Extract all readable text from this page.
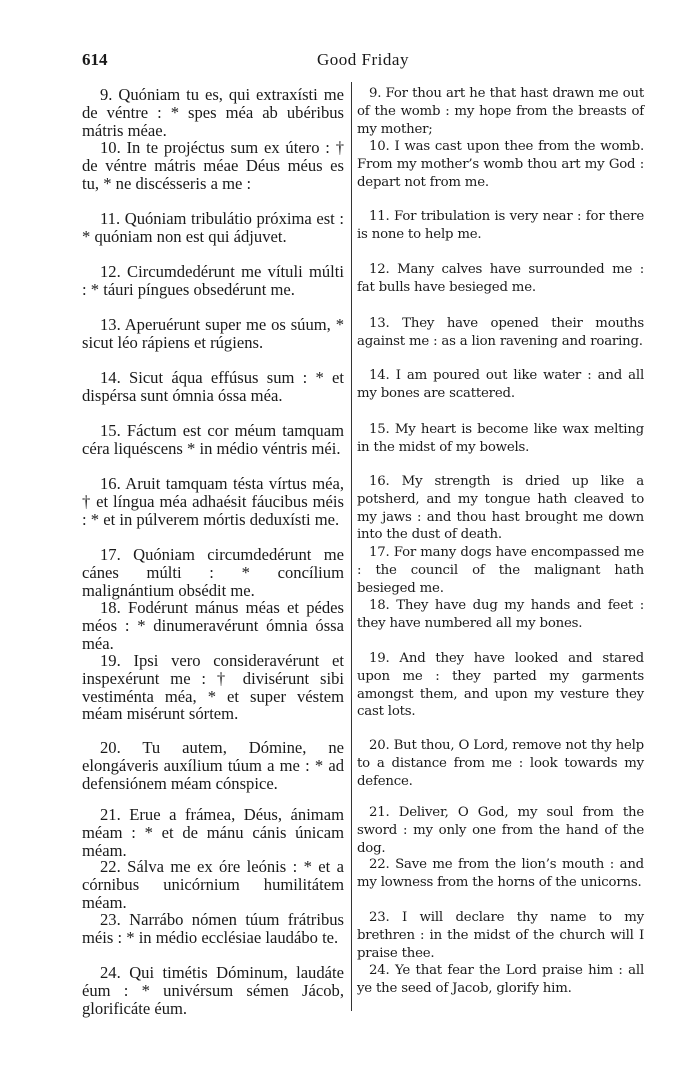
614	Good Friday

9. Quóniam tu es, qui extraxísti me de véntre : * spes méa ab ubéribus mátris méae.

10. In te projéctus sum ex útero : † de véntre mátris méae Déus méus es tu, * ne discésseris a me :

11. Quóniam tribulátio próxima est : * quóniam non est qui ádjuvet.

12. Circumdedérunt me vítuli múlti : * táuri píngues obsedérunt me.

13. Aperuérunt super me os súum, * sicut léo rápiens et rúgiens.

14. Sicut áqua effúsus sum : * et dispérsa sunt ómnia óssa méa.

15. Fáctum est cor méum tamquam céra liquéscens * in médio véntris méi.

16. Aruit tamquam tésta vírtus méa, † et língua méa adhaésit fáucibus méis : * et in púlverem mórtis deduxísti me.

17. Quóniam circumdedérunt me cánes múlti : * concílium malignántium obsédit me.

18. Fodérunt mánus méas et pédes méos : * dinumeravérunt ómnia óssa méa.

19. Ipsi vero consideravérunt et inspexérunt me : † divisérunt sibi vestiménta méa, * et super véstem méam misérunt sórtem.

20. Tu autem, Dómine, ne elongáveris auxílium túum a me : * ad defensiónem méam cónspice.

21. Erue a frámea, Déus, ánimam méam : * et de mánu cánis únicam méam.

22. Sálva me ex óre leónis : * et a córnibus unicórnium humilitátem méam.

23. Narrábo nómen túum frátribus méis : * in médio ecclésiae laudábo te.

24. Qui timétis Dóminum, laudáte éum : * univérsum sémen Jácob, glorificáte éum.

9. For thou art he that hast drawn me out of the womb : my hope from the breasts of my mother;

10. I was cast upon thee from the womb. From my mother’s womb thou art my God : depart not from me.

11. For tribulation is very near : for there is none to help me.

12. Many calves have surrounded me : fat bulls have besieged me.

13. They have opened their mouths against me : as a lion ravening and roaring.

14. I am poured out like water : and all my bones are scattered.

15. My heart is become like wax melting in the midst of my bowels.

16. My strength is dried up like a potsherd, and my tongue hath cleaved to my jaws : and thou hast brought me down into the dust of death.

17. For many dogs have encompassed me : the council of the malignant hath besieged me.

18. They have dug my hands and feet : they have numbered all my bones.

19. And they have looked and stared upon me : they parted my garments amongst them, and upon my vesture they cast lots.

20. But thou, O Lord, remove not thy help to a distance from me : look towards my defence.

21. Deliver, O God, my soul from the sword : my only one from the hand of the dog.

22. Save me from the lion’s mouth : and my lowness from the horns of the unicorns.

23. I will declare thy name to my brethren : in the midst of the church will I praise thee.

24. Ye that fear the Lord praise him : all ye the seed of Jacob, glorify him.
